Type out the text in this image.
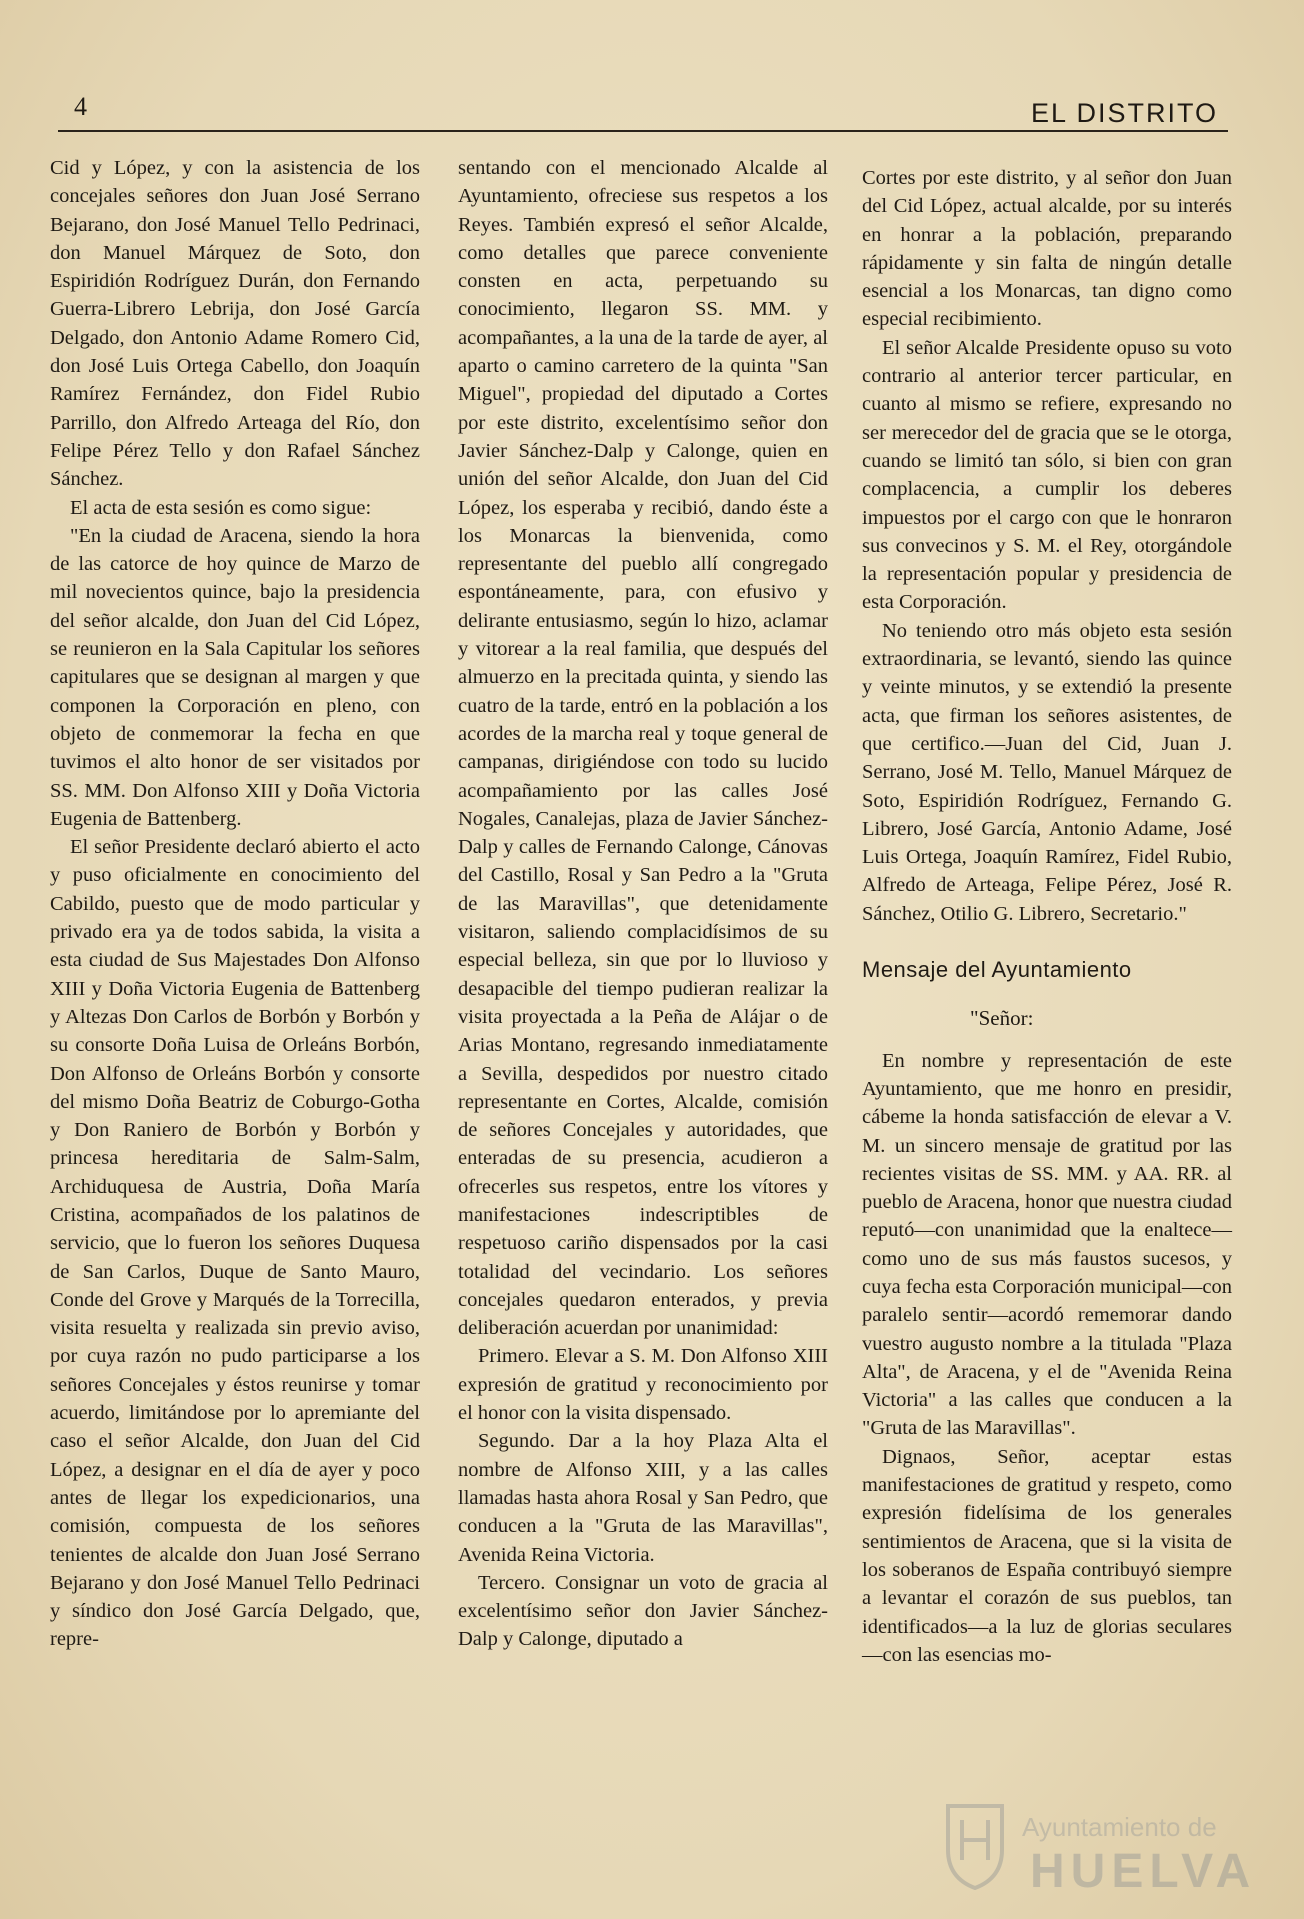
4	EL DISTRITO

Cid y López, y con la asistencia de los concejales señores don Juan José Serrano Bejarano, don José Manuel Tello Pedrinaci, don Manuel Márquez de Soto, don Espiridión Rodríguez Durán, don Fernando Guerra-Librero Lebrija, don José García Delgado, don Antonio Adame Romero Cid, don José Luis Ortega Cabello, don Joaquín Ramírez Fernández, don Fidel Rubio Parrillo, don Alfredo Arteaga del Río, don Felipe Pérez Tello y don Rafael Sánchez Sánchez.

El acta de esta sesión es como sigue:

"En la ciudad de Aracena, siendo la hora de las catorce de hoy quince de Marzo de mil novecientos quince, bajo la presidencia del señor alcalde, don Juan del Cid López, se reunieron en la Sala Capitular los señores capitulares que se designan al margen y que componen la Corporación en pleno, con objeto de conmemorar la fecha en que tuvimos el alto honor de ser visitados por SS. MM. Don Alfonso XIII y Doña Victoria Eugenia de Battenberg.

El señor Presidente declaró abierto el acto y puso oficialmente en conocimiento del Cabildo, puesto que de modo particular y privado era ya de todos sabida, la visita a esta ciudad de Sus Majestades Don Alfonso XIII y Doña Victoria Eugenia de Battenberg y Altezas Don Carlos de Borbón y Borbón y su consorte Doña Luisa de Orleáns Borbón, Don Alfonso de Orleáns Borbón y consorte del mismo Doña Beatriz de Coburgo-Gotha y Don Raniero de Borbón y Borbón y princesa hereditaria de Salm-Salm, Archiduquesa de Austria, Doña María Cristina, acompañados de los palatinos de servicio, que lo fueron los señores Duquesa de San Carlos, Duque de Santo Mauro, Conde del Grove y Marqués de la Torrecilla, visita resuelta y realizada sin previo aviso, por cuya razón no pudo participarse a los señores Concejales y éstos reunirse y tomar acuerdo, limitándose por lo apremiante del caso el señor Alcalde, don Juan del Cid López, a designar en el día de ayer y poco antes de llegar los expedicionarios, una comisión, compuesta de los señores tenientes de alcalde don Juan José Serrano Bejarano y don José Manuel Tello Pedrinaci y síndico don José García Delgado, que, repre-

sentando con el mencionado Alcalde al Ayuntamiento, ofreciese sus respetos a los Reyes. También expresó el señor Alcalde, como detalles que parece conveniente consten en acta, perpetuando su conocimiento, llegaron SS. MM. y acompañantes, a la una de la tarde de ayer, al aparto o camino carretero de la quinta "San Miguel", propiedad del diputado a Cortes por este distrito, excelentísimo señor don Javier Sánchez-Dalp y Calonge, quien en unión del señor Alcalde, don Juan del Cid López, los esperaba y recibió, dando éste a los Monarcas la bienvenida, como representante del pueblo allí congregado espontáneamente, para, con efusivo y delirante entusiasmo, según lo hizo, aclamar y vitorear a la real familia, que después del almuerzo en la precitada quinta, y siendo las cuatro de la tarde, entró en la población a los acordes de la marcha real y toque general de campanas, dirigiéndose con todo su lucido acompañamiento por las calles José Nogales, Canalejas, plaza de Javier Sánchez-Dalp y calles de Fernando Calonge, Cánovas del Castillo, Rosal y San Pedro a la "Gruta de las Maravillas", que detenidamente visitaron, saliendo complacidísimos de su especial belleza, sin que por lo lluvioso y desapacible del tiempo pudieran realizar la visita proyectada a la Peña de Alájar o de Arias Montano, regresando inmediatamente a Sevilla, despedidos por nuestro citado representante en Cortes, Alcalde, comisión de señores Concejales y autoridades, que enteradas de su presencia, acudieron a ofrecerles sus respetos, entre los vítores y manifestaciones indescriptibles de respetuoso cariño dispensados por la casi totalidad del vecindario. Los señores concejales quedaron enterados, y previa deliberación acuerdan por unanimidad:

Primero. Elevar a S. M. Don Alfonso XIII expresión de gratitud y reconocimiento por el honor con la visita dispensado.

Segundo. Dar a la hoy Plaza Alta el nombre de Alfonso XIII, y a las calles llamadas hasta ahora Rosal y San Pedro, que conducen a la "Gruta de las Maravillas", Avenida Reina Victoria.

Tercero. Consignar un voto de gracia al excelentísimo señor don Javier Sánchez-Dalp y Calonge, diputado a

Cortes por este distrito, y al señor don Juan del Cid López, actual alcalde, por su interés en honrar a la población, preparando rápidamente y sin falta de ningún detalle esencial a los Monarcas, tan digno como especial recibimiento.

El señor Alcalde Presidente opuso su voto contrario al anterior tercer particular, en cuanto al mismo se refiere, expresando no ser merecedor del de gracia que se le otorga, cuando se limitó tan sólo, si bien con gran complacencia, a cumplir los deberes impuestos por el cargo con que le honraron sus convecinos y S. M. el Rey, otorgándole la representación popular y presidencia de esta Corporación.

No teniendo otro más objeto esta sesión extraordinaria, se levantó, siendo las quince y veinte minutos, y se extendió la presente acta, que firman los señores asistentes, de que certifico.—Juan del Cid, Juan J. Serrano, José M. Tello, Manuel Márquez de Soto, Espiridión Rodríguez, Fernando G. Librero, José García, Antonio Adame, José Luis Ortega, Joaquín Ramírez, Fidel Rubio, Alfredo de Arteaga, Felipe Pérez, José R. Sánchez, Otilio G. Librero, Secretario."

Mensaje del Ayuntamiento
"Señor:

En nombre y representación de este Ayuntamiento, que me honro en presidir, cábeme la honda satisfacción de elevar a V. M. un sincero mensaje de gratitud por las recientes visitas de SS. MM. y AA. RR. al pueblo de Aracena, honor que nuestra ciudad reputó—con unanimidad que la enaltece—como uno de sus más faustos sucesos, y cuya fecha esta Corporación municipal—con paralelo sentir—acordó rememorar dando vuestro augusto nombre a la titulada "Plaza Alta", de Aracena, y el de "Avenida Reina Victoria" a las calles que conducen a la "Gruta de las Maravillas".

Dignaos, Señor, aceptar estas manifestaciones de gratitud y respeto, como expresión fidelísima de los generales sentimientos de Aracena, que si la visita de los soberanos de España contribuyó siempre a levantar el corazón de sus pueblos, tan identificados—a la luz de glorias seculares—con las esencias mo-

Ayuntamiento de
HUELVA
